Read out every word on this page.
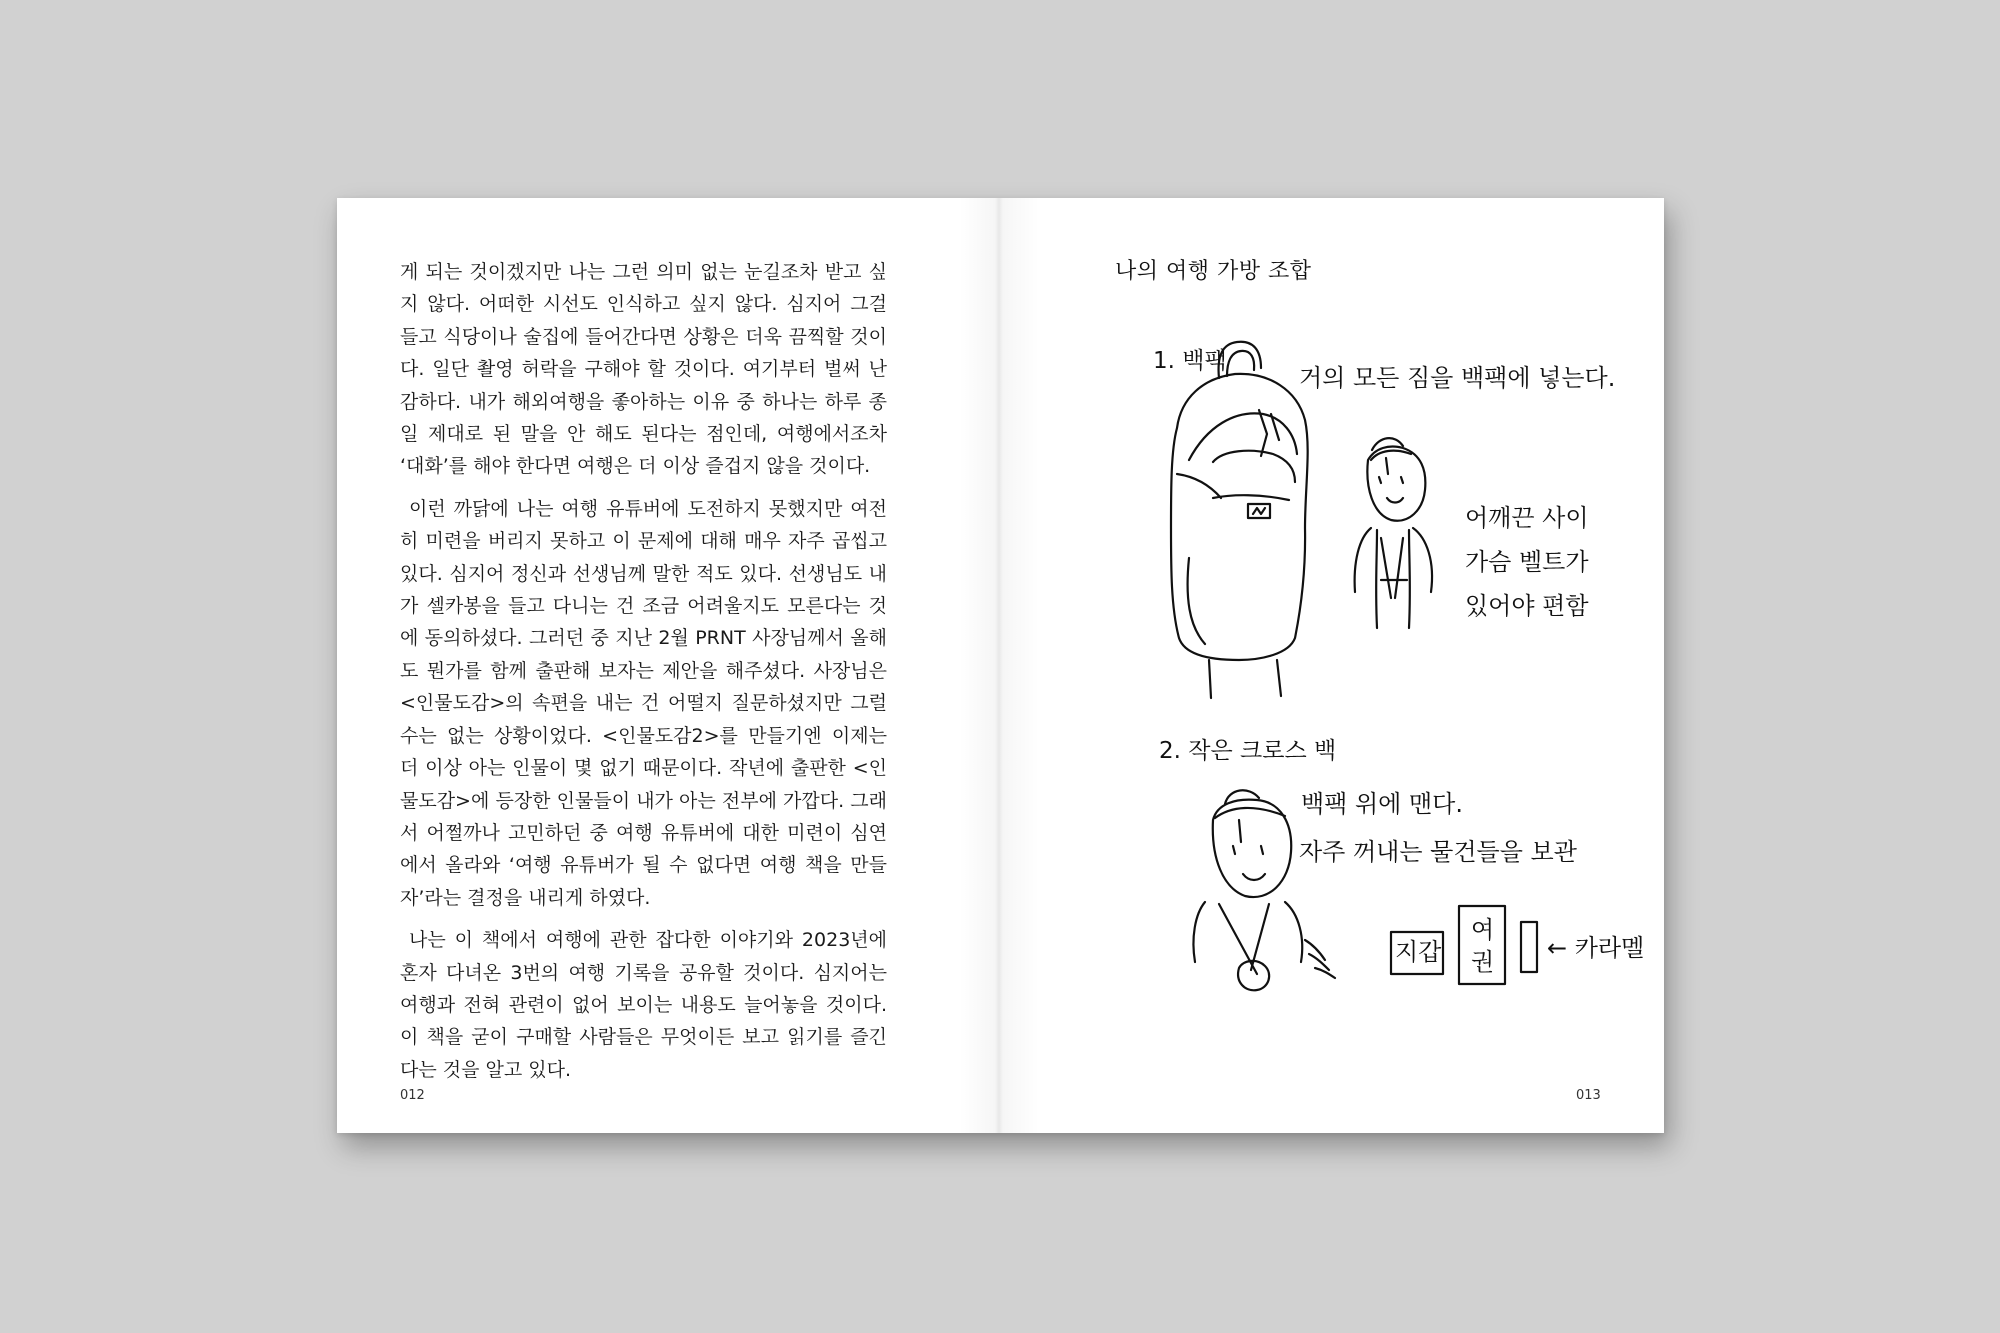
게 되는 것이겠지만 나는 그런 의미 없는 눈길조차 받고 싶지 않다. 어떠한 시선도 인식하고 싶지 않다. 심지어 그걸 들고 식당이나 술집에 들어간다면 상황은 더욱 끔찍할 것이다. 일단 촬영 허락을 구해야 할 것이다. 여기부터 벌써 난감하다. 내가 해외여행을 좋아하는 이유 중 하나는 하루 종일 제대로 된 말을 안 해도 된다는 점인데, 여행에서조차 ‘대화’를 해야 한다면 여행은 더 이상 즐겁지 않을 것이다.

이런 까닭에 나는 여행 유튜버에 도전하지 못했지만 여전히 미련을 버리지 못하고 이 문제에 대해 매우 자주 곱씹고 있다. 심지어 정신과 선생님께 말한 적도 있다. 선생님도 내가 셀카봉을 들고 다니는 건 조금 어려울지도 모른다는 것에 동의하셨다. 그러던 중 지난 2월 PRNT 사장님께서 올해도 뭔가를 함께 출판해 보자는 제안을 해주셨다. 사장님은 <인물도감>의 속편을 내는 건 어떨지 질문하셨지만 그럴 수는 없는 상황이었다. <인물도감2>를 만들기엔 이제는 더 이상 아는 인물이 몇 없기 때문이다. 작년에 출판한 <인물도감>에 등장한 인물들이 내가 아는 전부에 가깝다. 그래서 어쩔까나 고민하던 중 여행 유튜버에 대한 미련이 심연에서 올라와 ‘여행 유튜버가 될 수 없다면 여행 책을 만들자’라는 결정을 내리게 하였다.

나는 이 책에서 여행에 관한 잡다한 이야기와 2023년에 혼자 다녀온 3번의 여행 기록을 공유할 것이다. 심지어는 여행과 전혀 관련이 없어 보이는 내용도 늘어놓을 것이다. 이 책을 굳이 구매할 사람들은 무엇이든 보고 읽기를 즐긴다는 것을 알고 있다.

012
나의 여행 가방 조합
1. 백팩
거의 모든 짐을 백팩에 넣는다.
어깨끈 사이
가슴 벨트가
있어야 편함
2. 작은 크로스 백
백팩 위에 맨다.
자주 꺼내는 물건들을 보관
지갑
여
권 ← 카라멜
013
